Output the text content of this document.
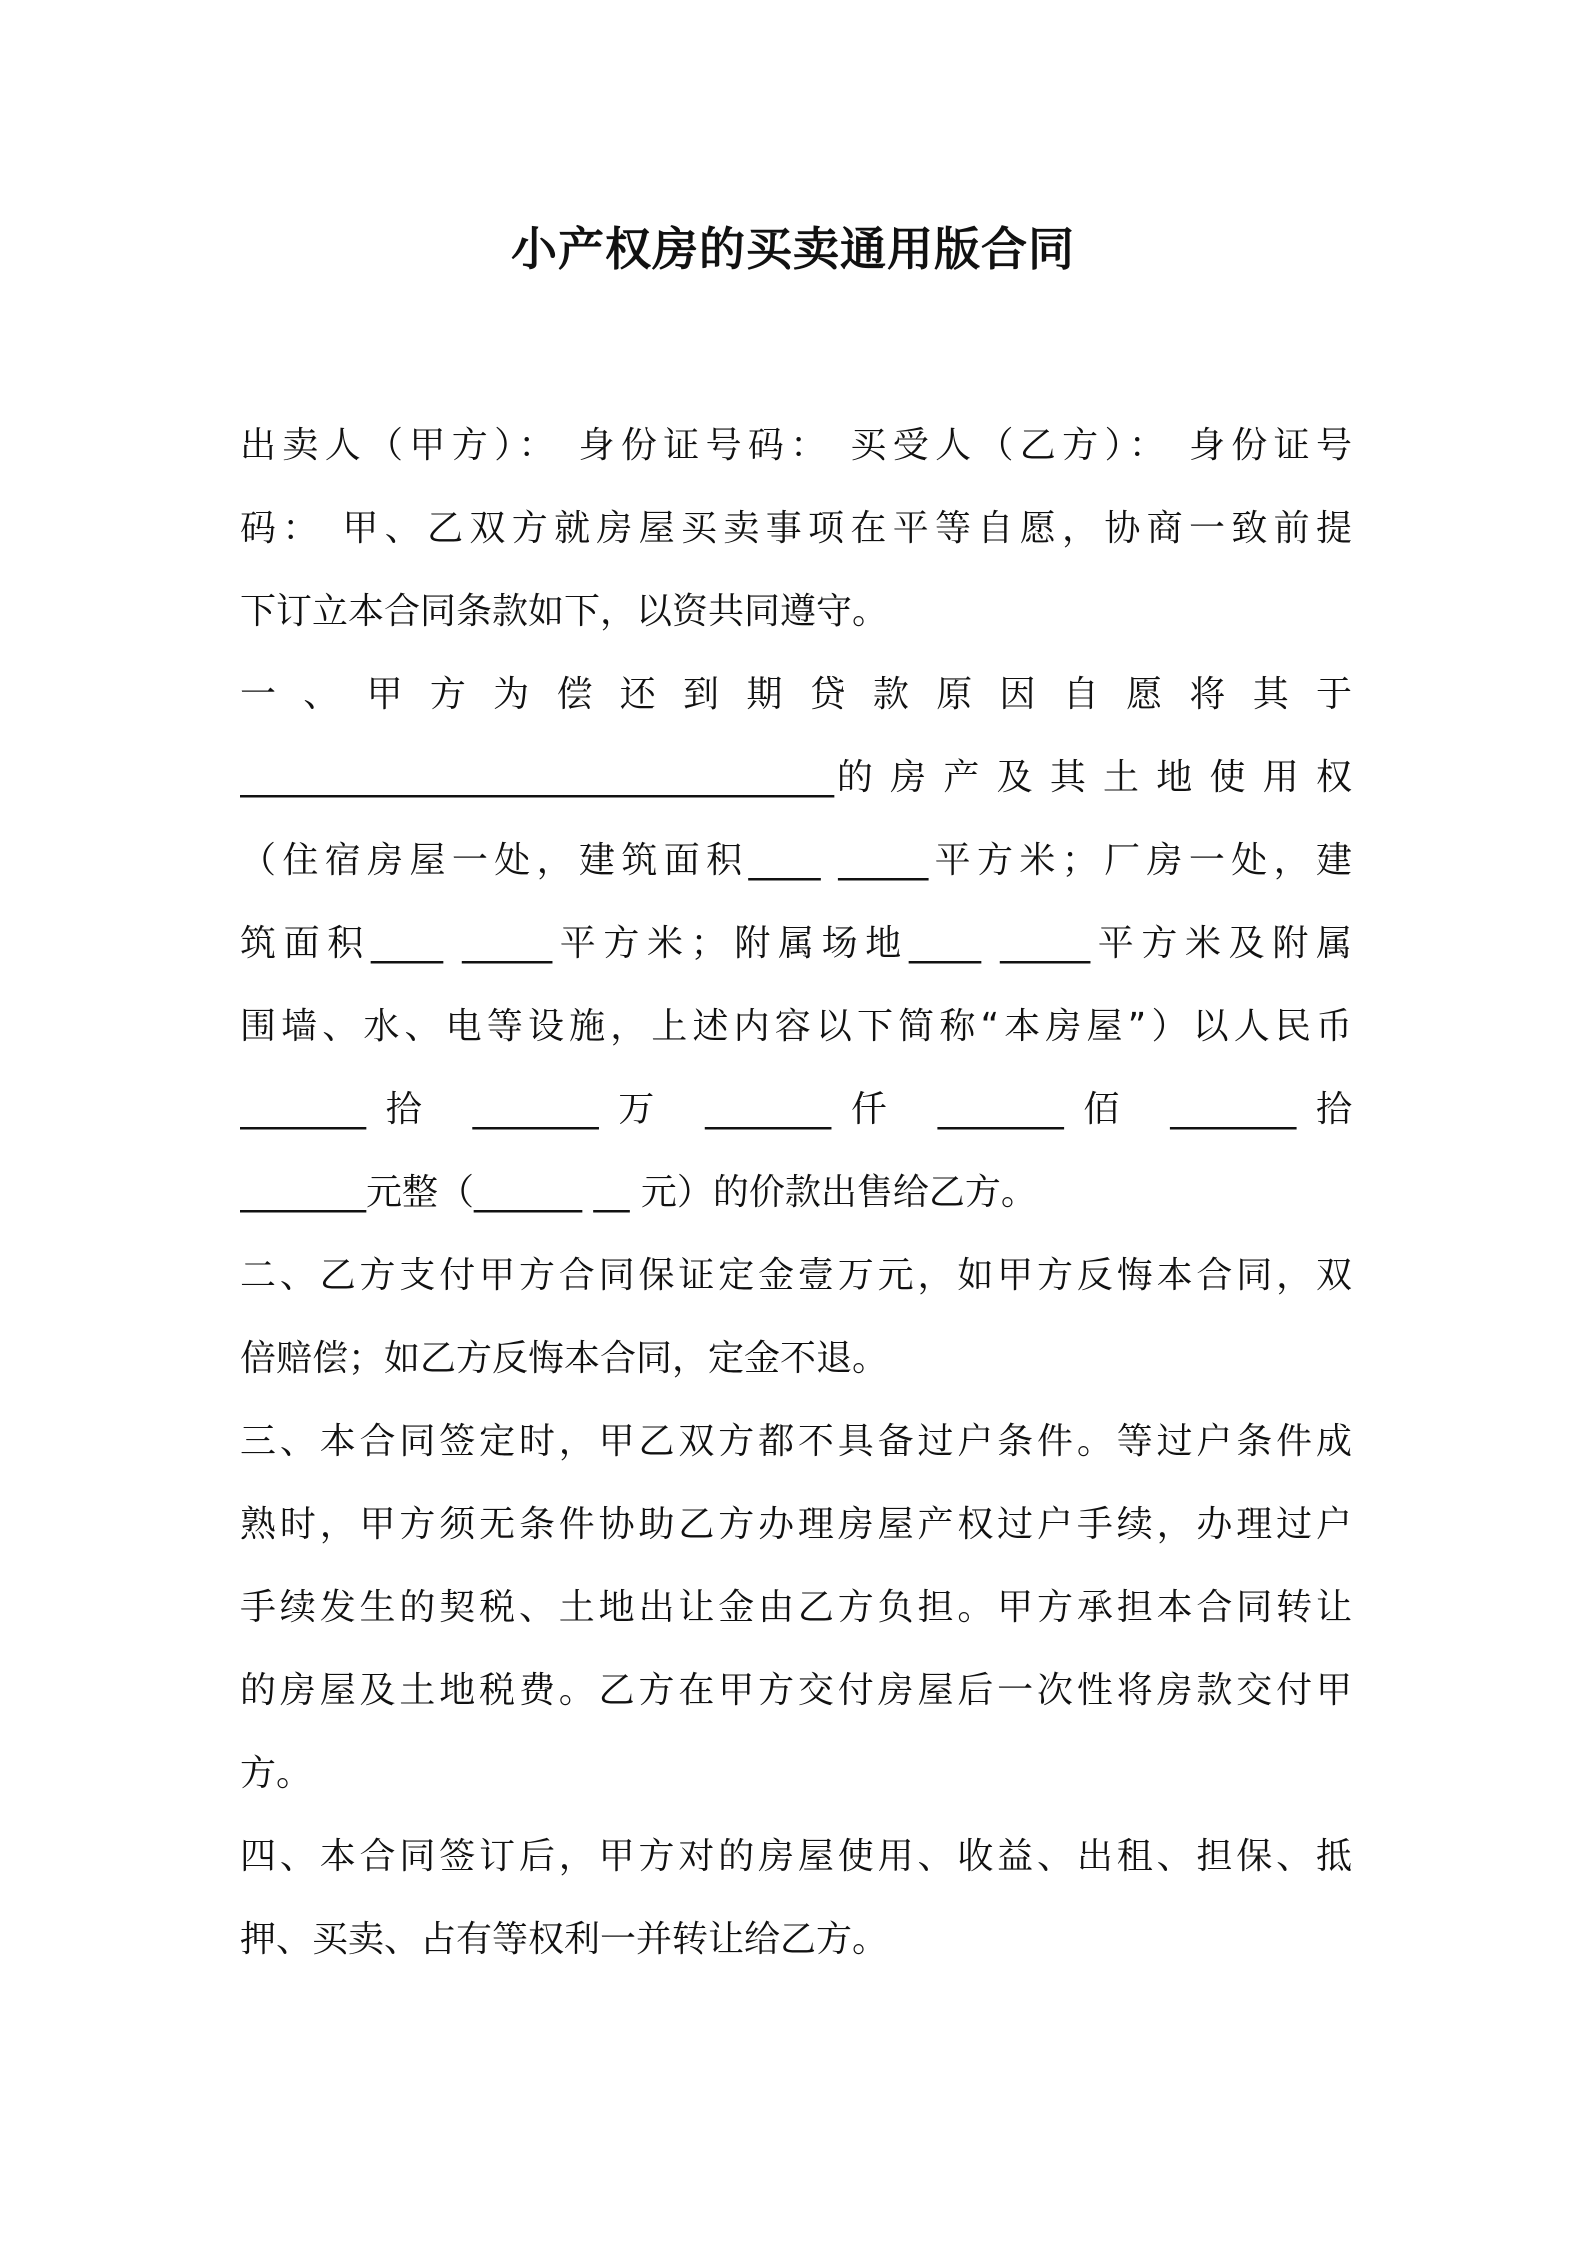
小产权房的买卖通用版合同
出卖人（甲方）： 身份证号码： 买受人（乙方）： 身份证号
码： 甲、乙双方就房屋买卖事项在平等自愿，协商一致前提
下订立本合同条款如下，以资共同遵守。
一 、 甲 方 为 偿 还 到 期 贷 款 原 因 自 愿 将 其 于
_________________________________的 房 产 及 其 土 地 使 用 权
（住宿房屋一处，建筑面积____ _____平方米；厂房一处，建
筑面积____ _____平方米；附属场地____ _____平方米及附属
围墙、水、电等设施，上述内容以下简称“本房屋”）以人民币
_______拾 _______万 _______仟 _______佰 _______拾
_______元整（______ __ 元）的价款出售给乙方。
二、乙方支付甲方合同保证定金壹万元，如甲方反悔本合同，双
倍赔偿；如乙方反悔本合同，定金不退。
三、本合同签定时，甲乙双方都不具备过户条件。等过户条件成
熟时，甲方须无条件协助乙方办理房屋产权过户手续，办理过户
手续发生的契税、土地出让金由乙方负担。甲方承担本合同转让
的房屋及土地税费。乙方在甲方交付房屋后一次性将房款交付甲
方。
四、本合同签订后，甲方对的房屋使用、收益、出租、担保、抵
押、买卖、占有等权利一并转让给乙方。
